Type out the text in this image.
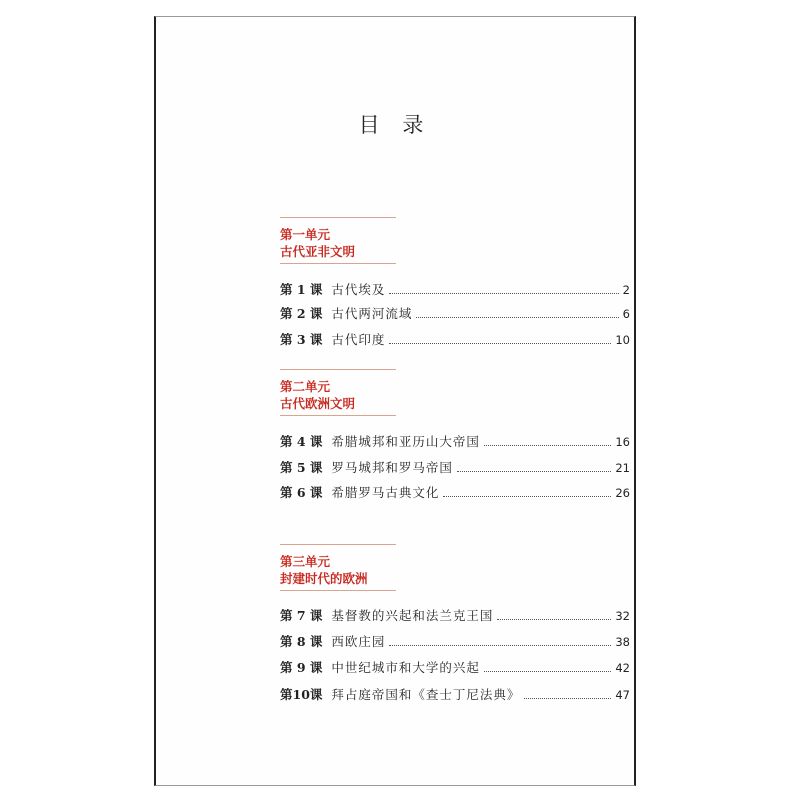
目 录
第一单元
古代亚非文明
第 1 课 古代埃及	2
第 2 课 古代两河流域	6
第 3 课 古代印度	10
第二单元
古代欧洲文明
第 4 课 希腊城邦和亚历山大帝国	16
第 5 课 罗马城邦和罗马帝国	21
第 6 课 希腊罗马古典文化	26
第三单元
封建时代的欧洲
第 7 课 基督教的兴起和法兰克王国	32
第 8 课 西欧庄园	38
第 9 课 中世纪城市和大学的兴起	42
第10课 拜占庭帝国和《查士丁尼法典》	47
